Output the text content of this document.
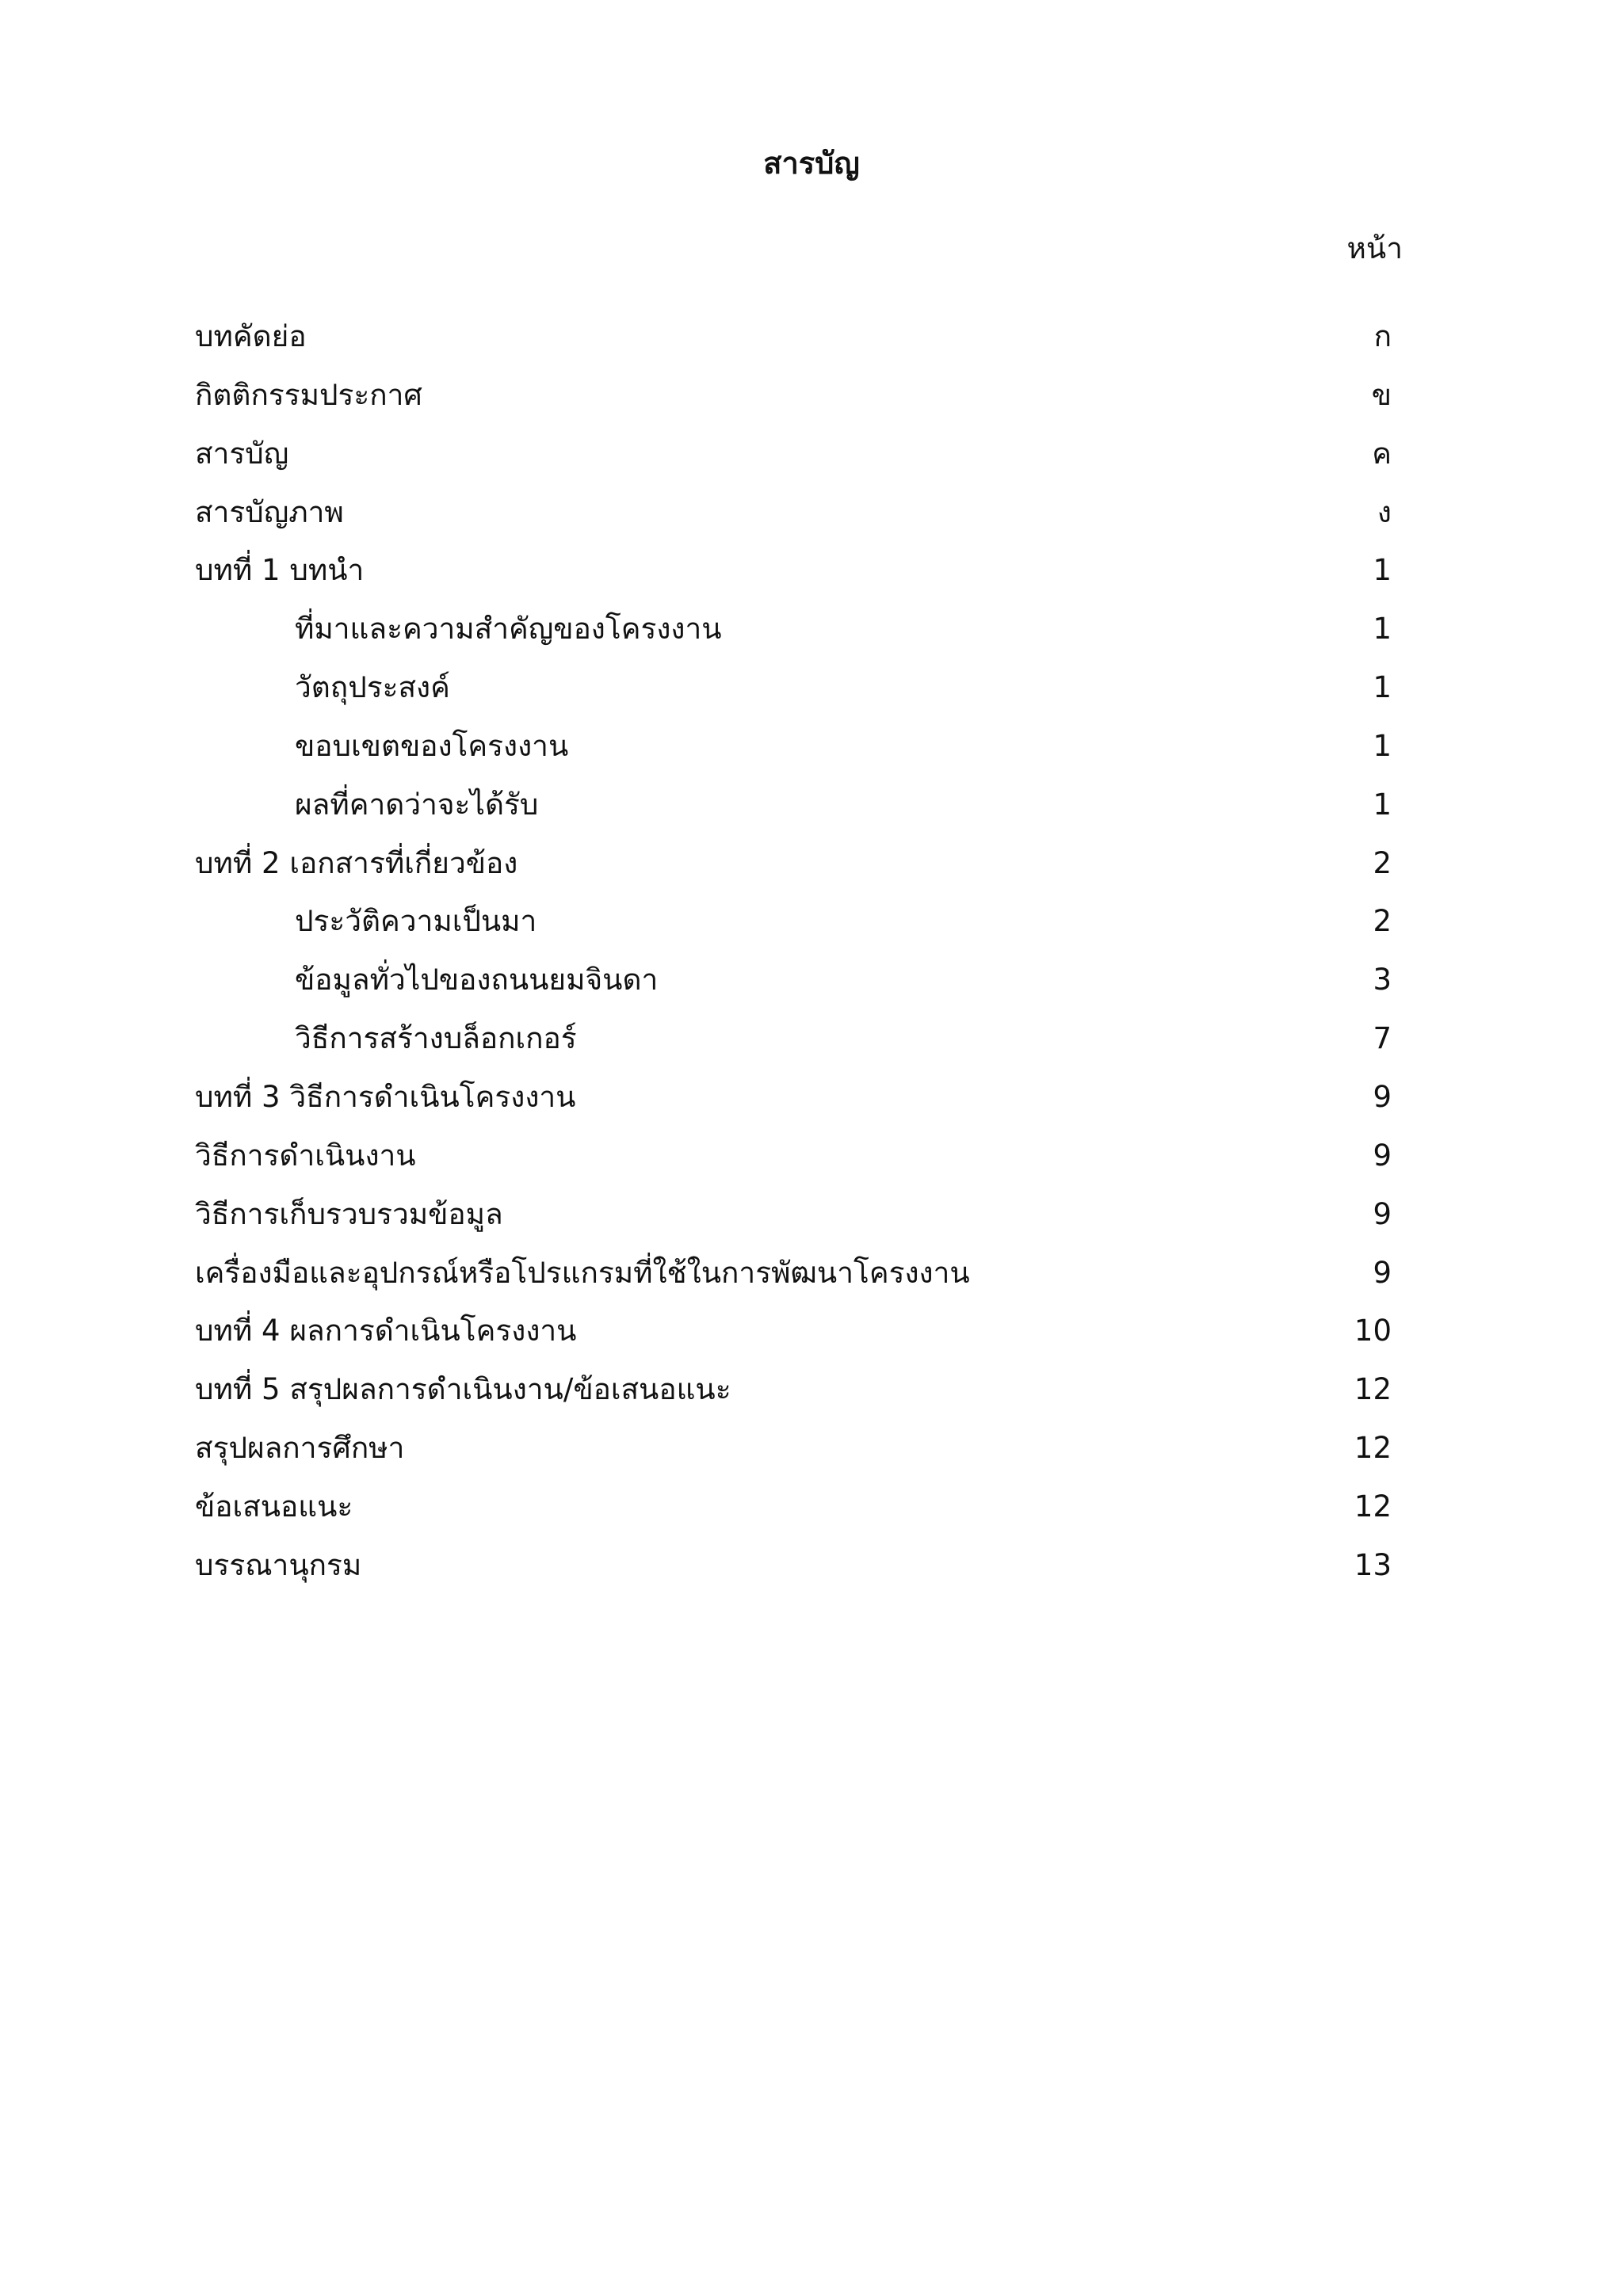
สารบัญ
หน้า
บทคัดย่อ	ก
กิตติกรรมประกาศ	ข
สารบัญ	ค
สารบัญภาพ	ง
บทที่ 1 บทนำ	1
ที่มาและความสำคัญของโครงงาน	1
วัตถุประสงค์	1
ขอบเขตของโครงงาน	1
ผลที่คาดว่าจะได้รับ	1
บทที่ 2 เอกสารที่เกี่ยวข้อง	2
ประวัติความเป็นมา	2
ข้อมูลทั่วไปของถนนยมจินดา	3
วิธีการสร้างบล็อกเกอร์	7
บทที่ 3 วิธีการดำเนินโครงงาน	9
วิธีการดำเนินงาน	9
วิธีการเก็บรวบรวมข้อมูล	9
เครื่องมือและอุปกรณ์หรือโปรแกรมที่ใช้ในการพัฒนาโครงงาน	9
บทที่ 4 ผลการดำเนินโครงงาน	10
บทที่ 5 สรุปผลการดำเนินงาน/ข้อเสนอแนะ	12
สรุปผลการศึกษา	12
ข้อเสนอแนะ	12
บรรณานุกรม	13
